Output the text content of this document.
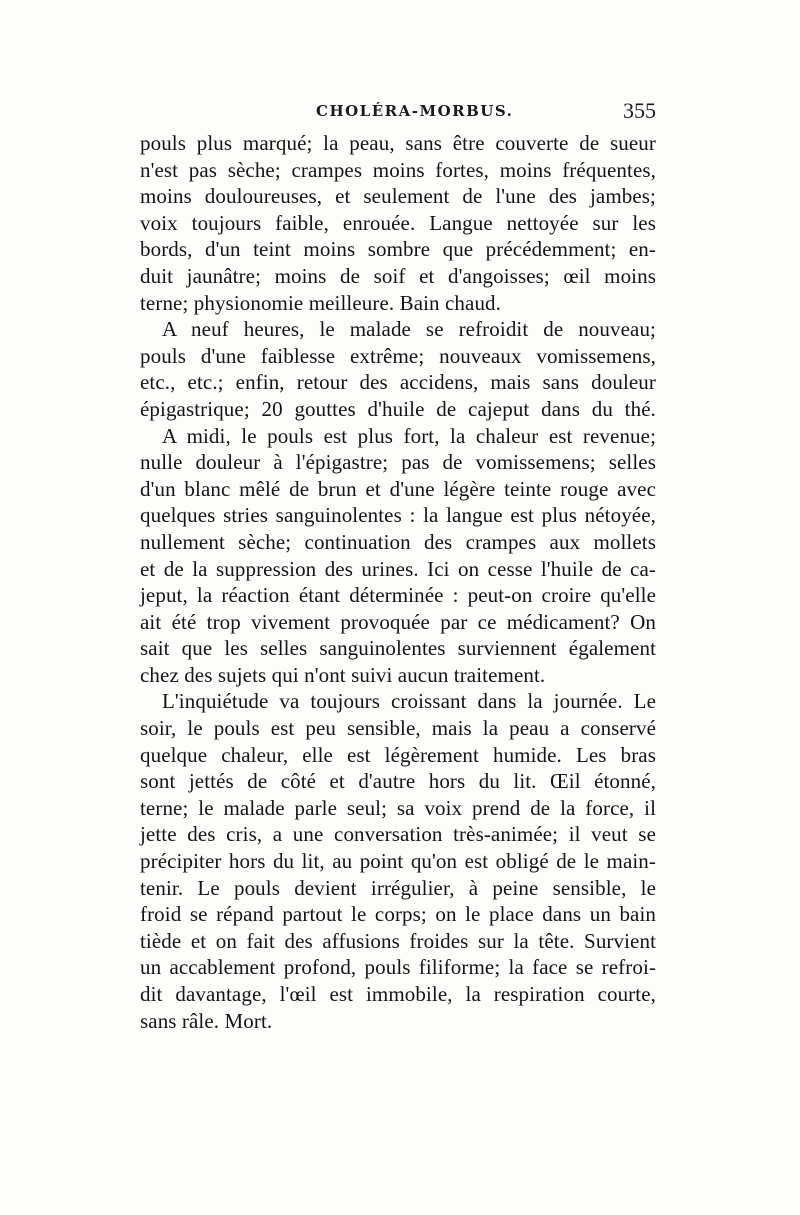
CHOLÉRA-MORBUS.	355
pouls plus marqué; la peau, sans être couverte de sueur
n'est pas sèche; crampes moins fortes, moins fréquentes,
moins douloureuses, et seulement de l'une des jambes;
voix toujours faible, enrouée. Langue nettoyée sur les
bords, d'un teint moins sombre que précédemment; en-
duit jaunâtre; moins de soif et d'angoisses; œil moins
terne; physionomie meilleure. Bain chaud.
A neuf heures, le malade se refroidit de nouveau;
pouls d'une faiblesse extrême; nouveaux vomissemens,
etc., etc.; enfin, retour des accidens, mais sans douleur
épigastrique; 20 gouttes d'huile de cajeput dans du thé.
A midi, le pouls est plus fort, la chaleur est revenue;
nulle douleur à l'épigastre; pas de vomissemens; selles
d'un blanc mêlé de brun et d'une légère teinte rouge avec
quelques stries sanguinolentes : la langue est plus nétoyée,
nullement sèche; continuation des crampes aux mollets
et de la suppression des urines. Ici on cesse l'huile de ca-
jeput, la réaction étant déterminée : peut-on croire qu'elle
ait été trop vivement provoquée par ce médicament? On
sait que les selles sanguinolentes surviennent également
chez des sujets qui n'ont suivi aucun traitement.
L'inquiétude va toujours croissant dans la journée. Le
soir, le pouls est peu sensible, mais la peau a conservé
quelque chaleur, elle est légèrement humide. Les bras
sont jettés de côté et d'autre hors du lit. Œil étonné,
terne; le malade parle seul; sa voix prend de la force, il
jette des cris, a une conversation très-animée; il veut se
précipiter hors du lit, au point qu'on est obligé de le main-
tenir. Le pouls devient irrégulier, à peine sensible, le
froid se répand partout le corps; on le place dans un bain
tiède et on fait des affusions froides sur la tête. Survient
un accablement profond, pouls filiforme; la face se refroi-
dit davantage, l'œil est immobile, la respiration courte,
sans râle. Mort.
